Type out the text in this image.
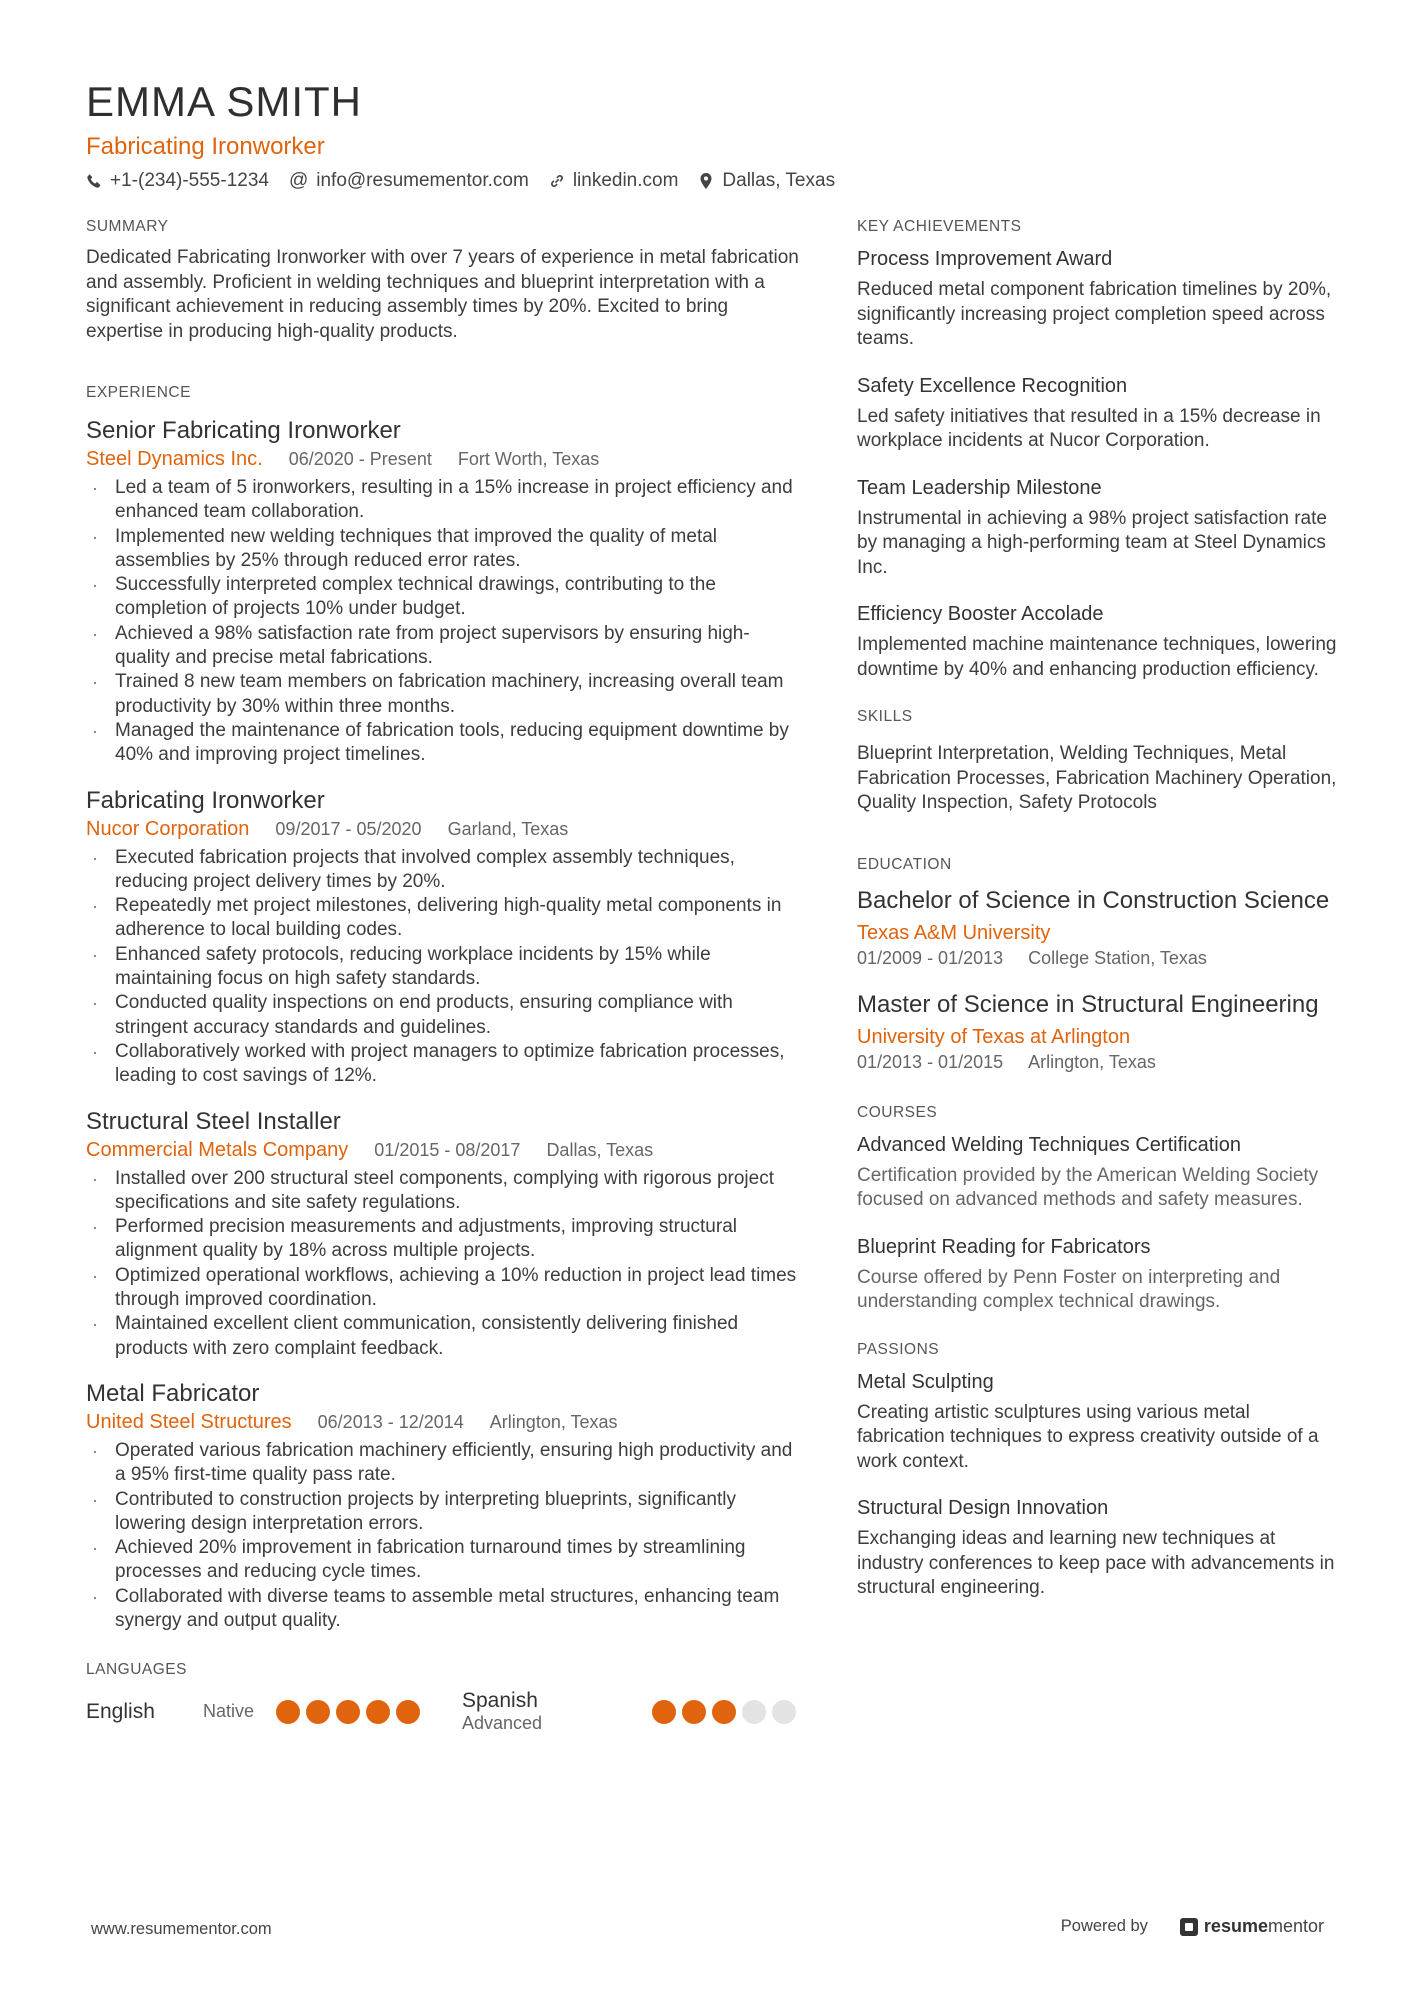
EMMA SMITH
Fabricating Ironworker
+1-(234)-555-1234 @ info@resumementor.com linkedin.com Dallas, Texas
SUMMARY
Dedicated Fabricating Ironworker with over 7 years of experience in metal fabrication and assembly. Proficient in welding techniques and blueprint interpretation with a significant achievement in reducing assembly times by 20%. Excited to bring expertise in producing high-quality products.
EXPERIENCE
Senior Fabricating Ironworker
Steel Dynamics Inc. 06/2020 - Present Fort Worth, Texas
· Led a team of 5 ironworkers, resulting in a 15% increase in project efficiency and enhanced team collaboration.
· Implemented new welding techniques that improved the quality of metal assemblies by 25% through reduced error rates.
· Successfully interpreted complex technical drawings, contributing to the completion of projects 10% under budget.
· Achieved a 98% satisfaction rate from project supervisors by ensuring high-quality and precise metal fabrications.
· Trained 8 new team members on fabrication machinery, increasing overall team productivity by 30% within three months.
· Managed the maintenance of fabrication tools, reducing equipment downtime by 40% and improving project timelines.
Fabricating Ironworker
Nucor Corporation 09/2017 - 05/2020 Garland, Texas
· Executed fabrication projects that involved complex assembly techniques, reducing project delivery times by 20%.
· Repeatedly met project milestones, delivering high-quality metal components in adherence to local building codes.
· Enhanced safety protocols, reducing workplace incidents by 15% while maintaining focus on high safety standards.
· Conducted quality inspections on end products, ensuring compliance with stringent accuracy standards and guidelines.
· Collaboratively worked with project managers to optimize fabrication processes, leading to cost savings of 12%.
Structural Steel Installer
Commercial Metals Company 01/2015 - 08/2017 Dallas, Texas
· Installed over 200 structural steel components, complying with rigorous project specifications and site safety regulations.
· Performed precision measurements and adjustments, improving structural alignment quality by 18% across multiple projects.
· Optimized operational workflows, achieving a 10% reduction in project lead times through improved coordination.
· Maintained excellent client communication, consistently delivering finished products with zero complaint feedback.
Metal Fabricator
United Steel Structures 06/2013 - 12/2014 Arlington, Texas
· Operated various fabrication machinery efficiently, ensuring high productivity and a 95% first-time quality pass rate.
· Contributed to construction projects by interpreting blueprints, significantly lowering design interpretation errors.
· Achieved 20% improvement in fabrication turnaround times by streamlining processes and reducing cycle times.
· Collaborated with diverse teams to assemble metal structures, enhancing team synergy and output quality.
LANGUAGES
English	Native	Spanish
Advanced
KEY ACHIEVEMENTS
Process Improvement Award
Reduced metal component fabrication timelines by 20%, significantly increasing project completion speed across teams.
Safety Excellence Recognition
Led safety initiatives that resulted in a 15% decrease in workplace incidents at Nucor Corporation.
Team Leadership Milestone
Instrumental in achieving a 98% project satisfaction rate by managing a high-performing team at Steel Dynamics Inc.
Efficiency Booster Accolade
Implemented machine maintenance techniques, lowering downtime by 40% and enhancing production efficiency.
SKILLS
Blueprint Interpretation, Welding Techniques, Metal Fabrication Processes, Fabrication Machinery Operation, Quality Inspection, Safety Protocols
EDUCATION
Bachelor of Science in Construction Science
Texas A&M University
01/2009 - 01/2013 College Station, Texas
Master of Science in Structural Engineering
University of Texas at Arlington
01/2013 - 01/2015 Arlington, Texas
COURSES
Advanced Welding Techniques Certification
Certification provided by the American Welding Society focused on advanced methods and safety measures.
Blueprint Reading for Fabricators
Course offered by Penn Foster on interpreting and understanding complex technical drawings.
PASSIONS
Metal Sculpting
Creating artistic sculptures using various metal fabrication techniques to express creativity outside of a work context.
Structural Design Innovation
Exchanging ideas and learning new techniques at industry conferences to keep pace with advancements in structural engineering.
www.resumementor.com	Powered by	resumementor
